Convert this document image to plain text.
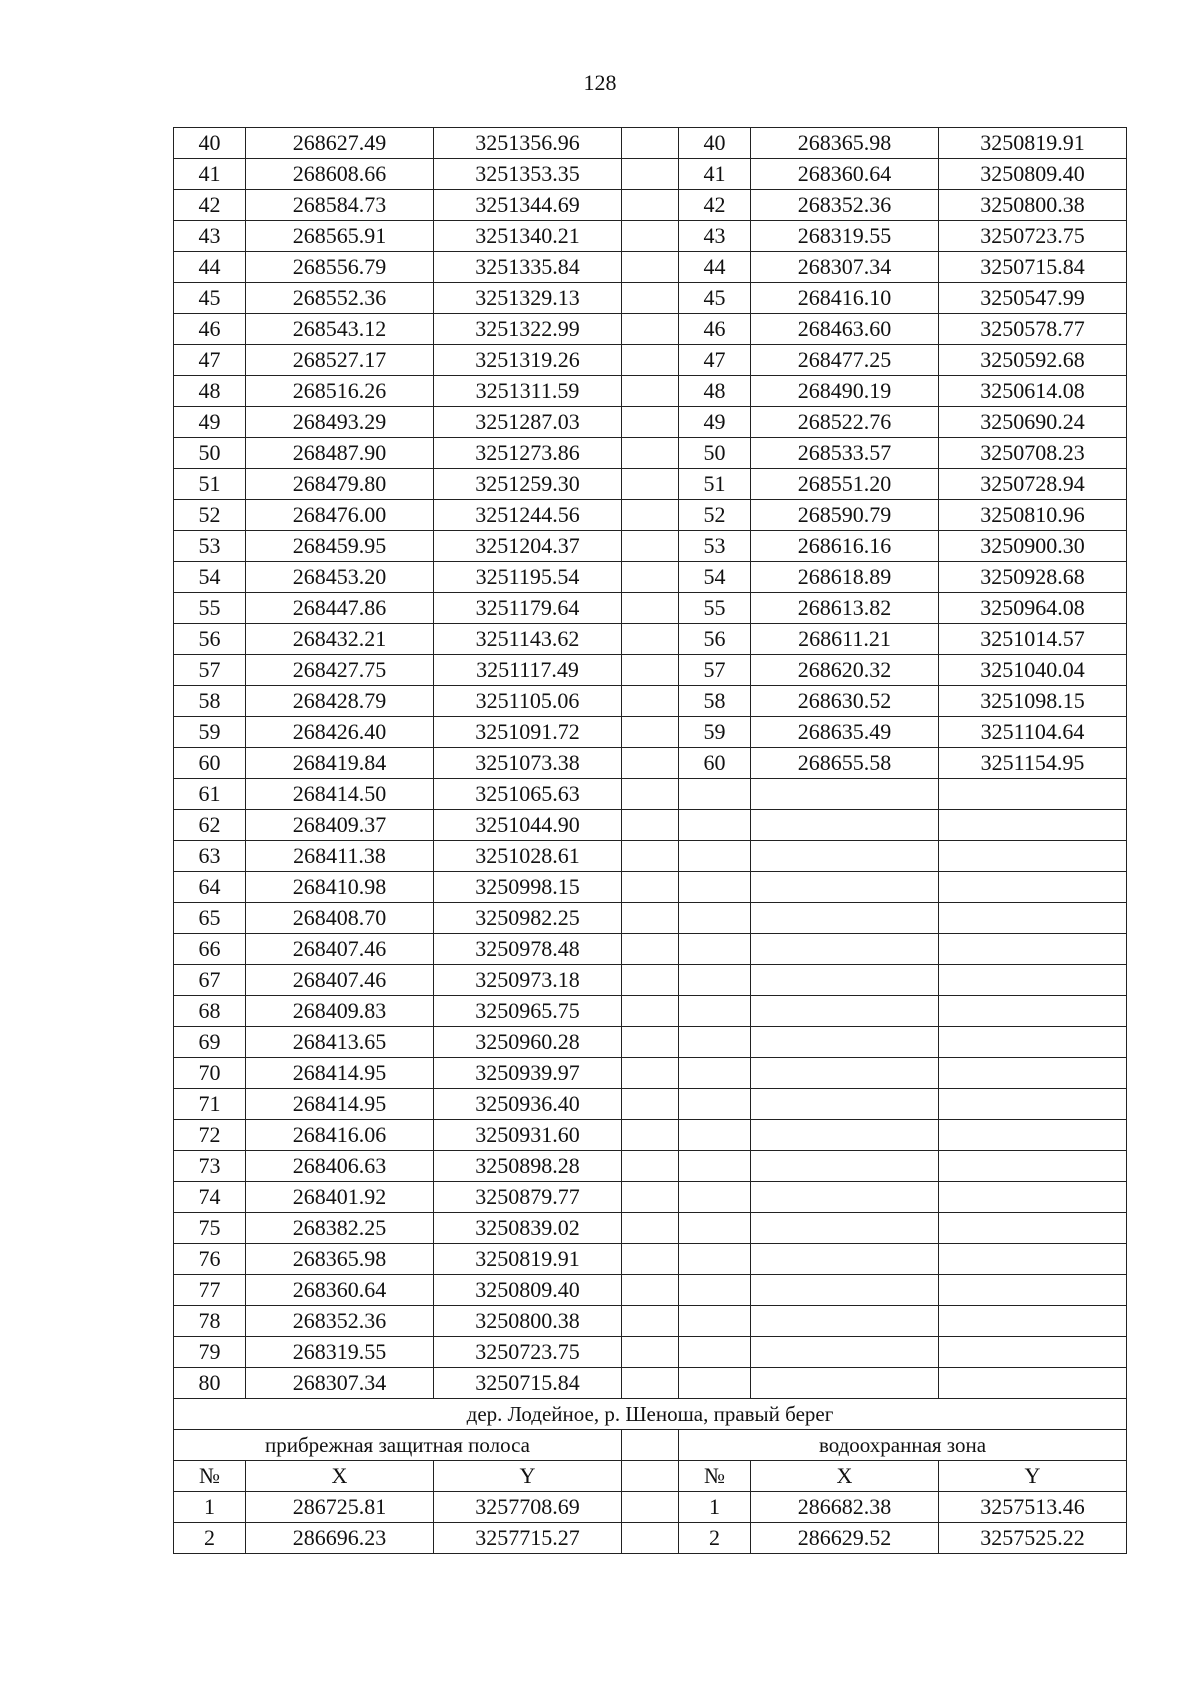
128
40	268627.49	3251356.96		40	268365.98	3250819.91
41	268608.66	3251353.35		41	268360.64	3250809.40
42	268584.73	3251344.69		42	268352.36	3250800.38
43	268565.91	3251340.21		43	268319.55	3250723.75
44	268556.79	3251335.84		44	268307.34	3250715.84
45	268552.36	3251329.13		45	268416.10	3250547.99
46	268543.12	3251322.99		46	268463.60	3250578.77
47	268527.17	3251319.26		47	268477.25	3250592.68
48	268516.26	3251311.59		48	268490.19	3250614.08
49	268493.29	3251287.03		49	268522.76	3250690.24
50	268487.90	3251273.86		50	268533.57	3250708.23
51	268479.80	3251259.30		51	268551.20	3250728.94
52	268476.00	3251244.56		52	268590.79	3250810.96
53	268459.95	3251204.37		53	268616.16	3250900.30
54	268453.20	3251195.54		54	268618.89	3250928.68
55	268447.86	3251179.64		55	268613.82	3250964.08
56	268432.21	3251143.62		56	268611.21	3251014.57
57	268427.75	3251117.49		57	268620.32	3251040.04
58	268428.79	3251105.06		58	268630.52	3251098.15
59	268426.40	3251091.72		59	268635.49	3251104.64
60	268419.84	3251073.38		60	268655.58	3251154.95
61	268414.50	3251065.63				
62	268409.37	3251044.90				
63	268411.38	3251028.61				
64	268410.98	3250998.15				
65	268408.70	3250982.25				
66	268407.46	3250978.48				
67	268407.46	3250973.18				
68	268409.83	3250965.75				
69	268413.65	3250960.28				
70	268414.95	3250939.97				
71	268414.95	3250936.40				
72	268416.06	3250931.60				
73	268406.63	3250898.28				
74	268401.92	3250879.77				
75	268382.25	3250839.02				
76	268365.98	3250819.91				
77	268360.64	3250809.40				
78	268352.36	3250800.38				
79	268319.55	3250723.75				
80	268307.34	3250715.84				
дер. Лодейное, р. Шеноша, правый берег						
прибрежная защитная полоса				водоохранная зона		
№	X	Y		№	X	Y
1	286725.81	3257708.69		1	286682.38	3257513.46
2	286696.23	3257715.27		2	286629.52	3257525.22
